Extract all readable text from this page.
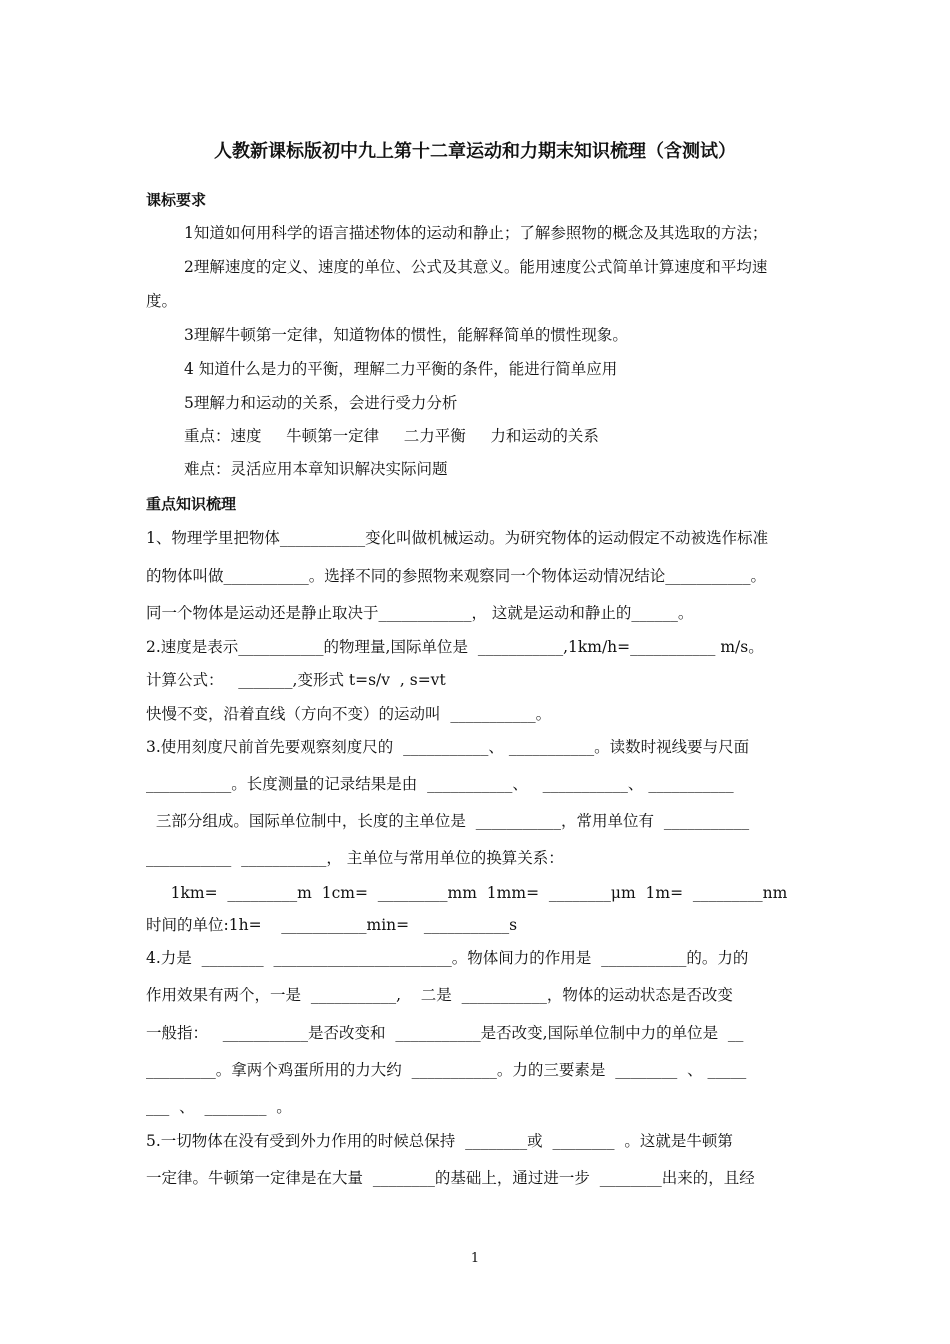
人教新课标版初中九上第十二章运动和力期末知识梳理（含测试）
课标要求
1知道如何用科学的语言描述物体的运动和静止；了解参照物的概念及其选取的方法；
2理解速度的定义、速度的单位、公式及其意义。能用速度公式简单计算速度和平均速
度。
3理解牛顿第一定律，知道物体的惯性，能解释简单的惯性现象。
4 知道什么是力的平衡，理解二力平衡的条件，能进行简单应用
5理解力和运动的关系，会进行受力分析
重点：速度     牛顿第一定律     二力平衡     力和运动的关系
难点：灵活应用本章知识解决实际问题
重点知识梳理
1、物理学里把物体___________变化叫做机械运动。为研究物体的运动假定不动被选作标准
的物体叫做___________。选择不同的参照物来观察同一个物体运动情况结论___________。
同一个物体是运动还是静止取决于____________， 这就是运动和静止的______。
2.速度是表示___________的物理量,国际单位是  ___________,1km/h=___________ m/s。
计算公式：   _______,变形式 t=s/v  , s=vt
快慢不变，沿着直线（方向不变）的运动叫  ___________。
3.使用刻度尺前首先要观察刻度尺的  ___________、 ___________。读数时视线要与尺面
___________。长度测量的记录结果是由  ___________、   ___________、 ___________
三部分组成。国际单位制中，长度的主单位是  ___________，常用单位有  ___________
___________  ___________， 主单位与常用单位的换算关系：
1km=  _________m  1cm=  _________mm  1mm=  ________μm  1m=  _________nm
时间的单位:1h=    ___________min=   ___________s
4.力是  ________  _______________________。物体间力的作用是  ___________的。力的
作用效果有两个，一是  ___________,    二是  ___________，物体的运动状态是否改变
一般指：   ___________是否改变和  ___________是否改变,国际单位制中力的单位是  __
_________。拿两个鸡蛋所用的力大约  ___________。力的三要素是  ________  、 _____
___  、  ________  。
5.一切物体在没有受到外力作用的时候总保持  ________或  ________  。这就是牛顿第
一定律。牛顿第一定律是在大量  ________的基础上，通过进一步  ________出来的，且经
1
